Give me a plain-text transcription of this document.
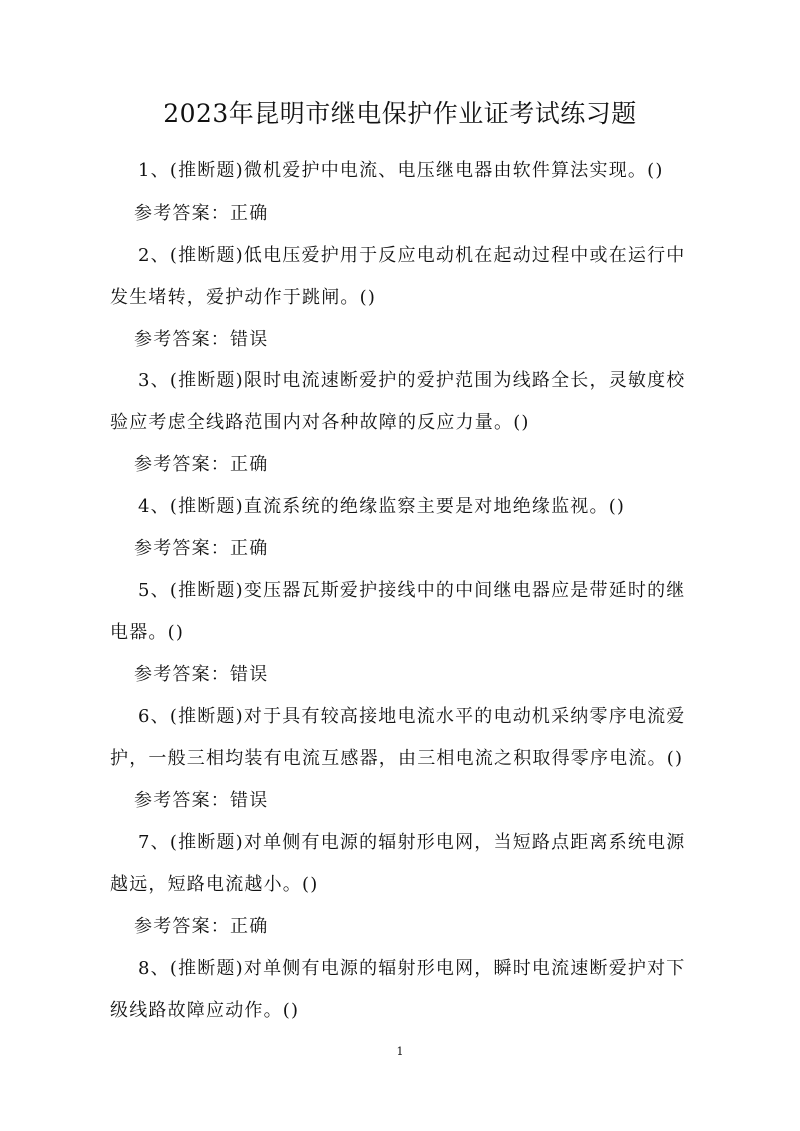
2023年昆明市继电保护作业证考试练习题
1、(推断题)微机爱护中电流、电压继电器由软件算法实现。()
参考答案：正确
2、(推断题)低电压爱护用于反应电动机在起动过程中或在运行中
发生堵转，爱护动作于跳闸。()
参考答案：错误
3、(推断题)限时电流速断爱护的爱护范围为线路全长，灵敏度校
验应考虑全线路范围内对各种故障的反应力量。()
参考答案：正确
4、(推断题)直流系统的绝缘监察主要是对地绝缘监视。()
参考答案：正确
5、(推断题)变压器瓦斯爱护接线中的中间继电器应是带延时的继
电器。()
参考答案：错误
6、(推断题)对于具有较高接地电流水平的电动机采纳零序电流爱
护，一般三相均装有电流互感器，由三相电流之积取得零序电流。()
参考答案：错误
7、(推断题)对单侧有电源的辐射形电网，当短路点距离系统电源
越远，短路电流越小。()
参考答案：正确
8、(推断题)对单侧有电源的辐射形电网，瞬时电流速断爱护对下
级线路故障应动作。()
1
